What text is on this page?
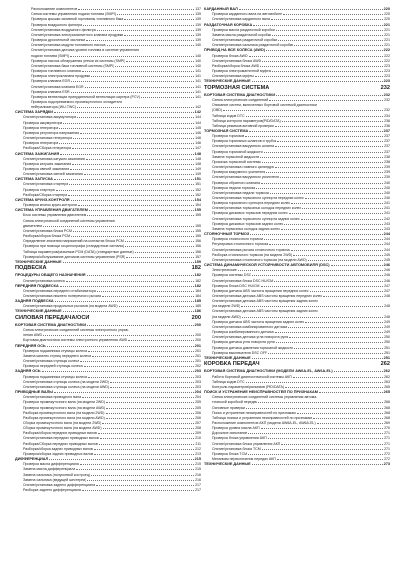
Расположение компонентов	137
Схема системы управления подачи топлива (SMPI)	139
Проверка крышки заливной горловины топливного бака	139
Проверка воздушного фильтра	139
Снятие/установка воздушного фильтра	139
Снятие/установка электромагнитного клапана продувки	139
Проверка дроссельной заслонки	139
Снятие/установка модуля топливного насоса	140
Снятие/установка датчика уровня топлива в системе управления
подачи топлива (SMPI)	140
Проверка насоса обнаружения утечки из системы (SMPI)	140
Снятие/установка бака топливной системы (SMPI)	140
Проверка топливного клапана	141
Проверка электроклапана продувки	141
Проверка клапана EGR	141
Снятие/установка клапана EGR	141
Проверка клапана ESR	141
Проверка вентиляции принудительной вентиляции картера (PCV)	141
Проверка подогреваемого промежуточного охладителя
нейтрализатора (WU-TWC)	142
СИСТЕМА ЗАРЯДКИ	142
Снятие/установка аккумулятора	144
Проверка аккумулятора	144
Проверка генератора	145
Проверка регулятора напряжения	146
Снятие/установка генератора	146
Проверка генератора	146
Разборка/Сборка генератора	147
СИСТЕМА ЗАЖИГАНИЯ	148
Снятие/установка катушек зажигания	148
Проверка катушек зажигания	148
Проверка свечей зажигания	149
Снятие/установка свечей зажигания	149
СИСТЕМА ЗАПУСКА	151
Снятие/установка стартера	151
Проверка стартера	152
Разборка/Сборка стартера	152
СИСТЕМА КРУИЗ-КОНТРОЛЯ	154
Проверка кнопок круиз-контроля	154
СИСТЕМА УПРАВЛЕНИЯ ДВИГАТЕЛЕМ	155
Блок системы управления двигателем	155
Схема электрической соединений системы управления
двигателем	155
Снятие/установка блока PCM	155
Разборка/сборка блока PCM	155
Определение значения напряжений на контактах блока PCM	156
Проверка при помощи осциллографа (стандартные сигналы)	156
Таблица параметров/разъемов PCM (DATA) (стандартные данные)	156
Проверка/обслуживание датчиков системы управления (PSR)	157
ТЕХНИЧЕСКИЕ ДАННЫЕ	159
ПОДВЕСКА	182
ПРОЦЕДУРЫ ОБЩЕГО НАЗНАЧЕНИЯ	182
Снятие/установка колеса	182
ПЕРЕДНЯЯ ПОДВЕСКА	182
Снятие/установка переднего стабилизатора	184
Снятие/установка нижнего поперечного рычага	184
ЗАДНЯЯ ПОДВЕСКА	185
Снятие/установка продольных рычагов (на модели AWD)	185
ТЕХНИЧЕСКИЕ ДАННЫЕ	186
СИЛОВАЯ ПЕРЕДАЧА/ОСИ	200
БОРТОВАЯ СИСТЕМА ДИАГНОСТИКИ	200
Схема электрических соединений системы электронного управ-
ления AWD	200
Бортовая диагностика системы электронного управления AWD	200
ПЕРЕДНЯЯ ОСЬ	201
Проверка подшипника ступицы колеса	201
Замена шпилек ступиц переднего колеса	201
Снятие/установка ступицы колеса	201
Проверка передней ступицы колеса	202
ЗАДНЯЯ ОСЬ	203
Проверка подшипника ступицы колеса	203
Снятие/установка ступицы колеса (на модели 2WD)	203
Снятие/установка ступицы колеса (на модели AWD)	203
ПРИВОДНЫЕ ВАЛЫ	204
Снятие/установка приводного вала	204
Проверка промежуточного вала (на модели 2WD)	205
Проверка промежуточного вала (на модели AWD)	205
Разборка промежуточного вала (на модели 2WD)	206
Разборка промежуточного вала (на модели AWD)	206
Сборка промежуточного вала (на модели 2WD)	207
Сборка промежуточного вала (на модели AWD)	208
Разборка/сборка передних приводных валов	209
Снятие/установка передних приводных валов	210
Разборка/Сборка передних приводных валов	211
Разборка/сборка задних приводных валов	212
Проверка/сборка задних приводных валов	213
ДИФФЕРЕНЦИАЛ	215
Проверка масла дифференциала	215
Замена масла дифференциала	215
Замена сальника (полуосевой костроец)	216
Замена сальника (ведущей шестерни)	216
Снятие/установка заднего дифференциала	217
Разборка заднего дифференциала	217
КАРДАННЫЙ ВАЛ	220
Проверка карданного вала на автомобиле	220
Снятие/установка карданного вала	220
РАЗДАТОЧНАЯ КОРОБКА	221
Проверка масла раздаточной коробки	221
Замена масла раздаточной коробки	221
Снятие/установка раздаточной коробки	221
Снятие/установка сальника раздаточной коробки	221
ПРИВОД НА ВСЕ КОЛЕСА (AWD)	222
Проверка блока AWD	222
Снятие/установка блока AWD	222
Разборка/сборка блока AWD	223
Проверка электромагнитной муфты	223
Снятие/установка муфты	223
ТЕХНИЧЕСКИЕ ДАННЫЕ	223
ТОРМОЗНАЯ СИСТЕМА	232
БОРТОВАЯ СИСТЕМА ДИАГНОСТИКИ	232
Схема электрических соединений	232
Описание систем, включенных бортовой системой диагностики
(OBD)	232
Таблица кодов DTC	234
Таблица контроля параметров(PID/DATA)	236
Таблица режимов активной проверки	236
ТОРМОЗНАЯ СИСТЕМА	237
Проверка тормозов	237
Проверка тормозных шлангов и трубок	237
Снятие/установка вакуумного шланга	237
Проверка тормозной жидкости	237
Замена тормозной жидкости	238
Прокачка тормозной системы	238
Снятие/установка главного цилиндра	239
Проверка вакуумного усилителя	239
Снятие/установка вакуумного усилителя	239
Проверка обратного клапана	240
Проверка педали тормоза	240
Снятие/установка педали тормоза	240
Снятие/установка тормозного суппорта передних колес	240
Проверка тормозного суппорта передних колес	241
Снятие/установка тормозных колодок передних колес	241
Проверка дисковых тормозов передних колес	241
Снятие/установка тормозного суппорта задних колес	242
Проверка дисковых тормозов задних колес	243
Замена тормозных колодок задних колес	243
СТОЯНОЧНЫЙ ТОРМОЗ	244
Проверка стояночного тормоза	244
Регулировка стояночного тормоза	244
Снятие/установка рычага стояночного тормоза	244
Разборка стояночного тормоза (на модели 2WD)	245
Снятие/установка стояночного тормоза (на модели AWD)	245
СИСТЕМА ДИНАМИЧЕСКОЙ УСТОЙЧИВОСТИ АВТОМОБИЛЯ (DSC)	246
Электрические	246
Проверка системы DSC	246
Снятие/установка блока DSC HU/CM	246
Проверка блока DSC HU/CM	247
Проверка датчика ABS частоты вращения передних колес	247
Снятие/установка датчика ABS частоты вращения передних колес	248
Снятие/установка датчика ABS частоты вращения задних колес
(на модели 2WD)	248
Снятие/установка датчика ABS частоты вращения задних колес
(на модели AWD)	248
Проверка датчика ABS частоты вращения задних колес	249
Снятие/установка комбинированного датчика	249
Проверка комбинированного датчика	249
Снятие/установка датчика угла поворота руля	250
Проверка датчика угла поворота руля	250
Проверка датчика давления тормозной жидкости	251
Проверка выключателя DSC OFF	251
ТЕХНИЧЕСКИЕ ДАННЫЕ	251
КОРОБКА ПЕРЕДАЧ	262
БОРТОВАЯ СИСТЕМА ДИАГНОСТИКИ (МОДЕЛИ AW6A-EL, AW6A-EL)	262
Работа бортовой диагностической системы АКП	262
Таблица кодов DTC	263
Контроль параметров/разъемов (PID/DATA)	265
ПОИСК И УСТРАНЕНИЕ НЕИСПРАВНОСТЕЙ ПО ПРИЗНАКАМ	265
Схема электрических соединений системы управления автома-
тической коробкой передач	266
Основные проверки	268
Поиск и устранение неисправностей по признакам	268
Таблица поиска и устранения неисправностей по признакам	268
Расположение компонентов АКП (модели AW6A-EL, AW6A-EL)	269
Проверка уровня масла АКП	270
Дорожное испытание	271
Проверка блока управления АКП	271
Снятие/установка блока управления АКП	271
Снятие/установка блока TCM	271
Проверка блока TCM	272
Механизм переключения передач АКП	272
ТЕХНИЧЕСКИЕ ДАННЫЕ	273
